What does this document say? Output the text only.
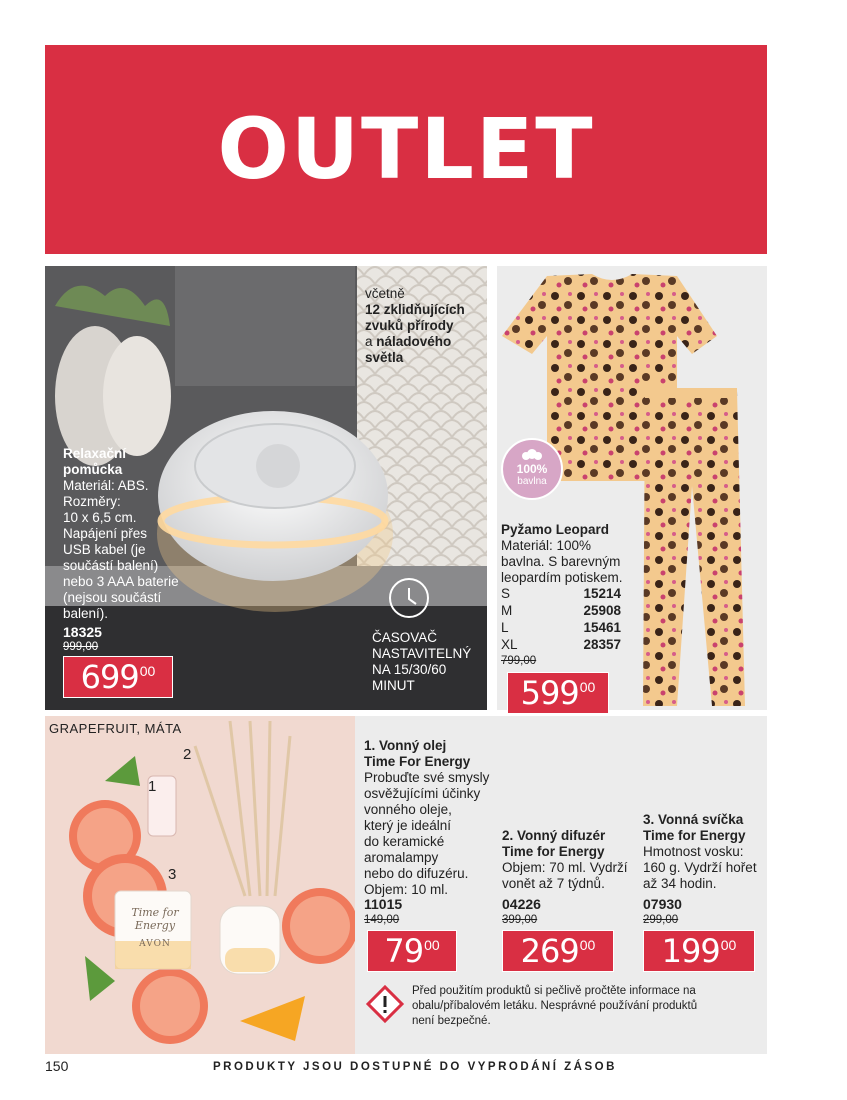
OUTLET
Relaxační
pomůcka
Materiál: ABS.
Rozměry:
10 x 6,5 cm.
Napájení přes
USB kabel (je
součástí balení)
nebo 3 AAA baterie
(nejsou součástí
balení).
18325
999,00
699 00
včetně
12 zklidňujících
zvuků přírody
a náladového
světla
ČASOVAČ
NASTAVITELNÝ
NA 15/30/60
MINUT
100%
bavlna
Pyžamo Leopard
Materiál: 100%
bavlna. S barevným
leopardím potiskem.
S	15214
M	25908
L	15461
XL	28357
799,00
599 00
GRAPEFRUIT, MÁTA
1
2
3
Time for
Energy
AVON
1. Vonný olej
Time For Energy
Probuďte své smysly
osvěžujícími účinky
vonného oleje,
který je ideální
do keramické
aromalampy
nebo do difuzéru.
Objem: 10 ml.
11015
149,00
79 00
2. Vonný difuzér
Time for Energy
Objem: 70 ml. Vydrží
vonět až 7 týdnů.
04226
399,00
269 00
3. Vonná svíčka
Time for Energy
Hmotnost vosku:
160 g. Vydrží hořet
až 34 hodin.
07930
299,00
199 00
Před použitím produktů si pečlivě pročtěte informace na
obalu/příbalovém letáku. Nesprávné používání produktů
není bezpečné.
150	PRODUKTY JSOU DOSTUPNÉ DO VYPRODÁNÍ ZÁSOB
